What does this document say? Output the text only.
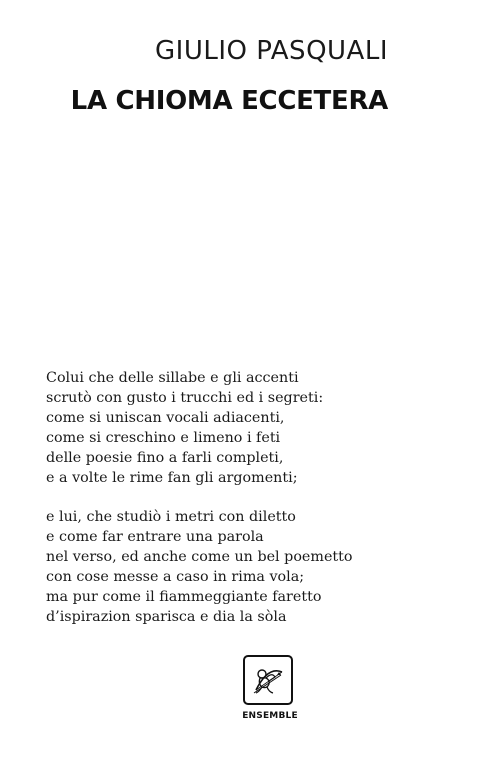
GIULIO PASQUALI
LA CHIOMA ECCETERA
Colui che delle sillabe e gli accenti
scrutò con gusto i trucchi ed i segreti:
come si uniscan vocali adiacenti,
come si creschino e limeno i feti
delle poesie fino a farli completi,
e a volte le rime fan gli argomenti;
e lui, che studiò i metri con diletto
e come far entrare una parola
nel verso, ed anche come un bel poemetto
con cose messe a caso in rima vola;
ma pur come il fiammeggiante faretto
d’ispirazion sparisca e dia la sòla
ENSEMBLE
